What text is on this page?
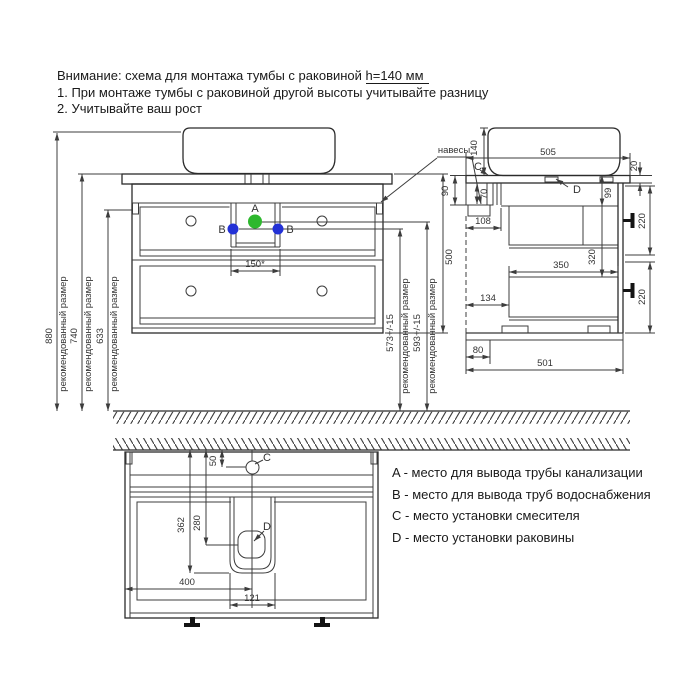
Внимание: схема для монтажа тумбы с раковиной h=140 мм
1. При монтаже тумбы с раковиной другой высоты учитывайте разницу
2. Учитывайте ваш рост
A
B	B
150*
880 рекомендованный размер 740 рекомендованный размер 633 рекомендованный размер	573+/-15 рекомендованный размер 593+/-15 рекомендованный размер
500
навесы
140
C
505
20
90	70
108
D 99
320
350
134
220
220
80
501
C
D
50
280
362
400
121
A - место для вывода трубы канализации
B - место для вывода труб водоснабжения
C - место установки смесителя
D - место установки раковины
